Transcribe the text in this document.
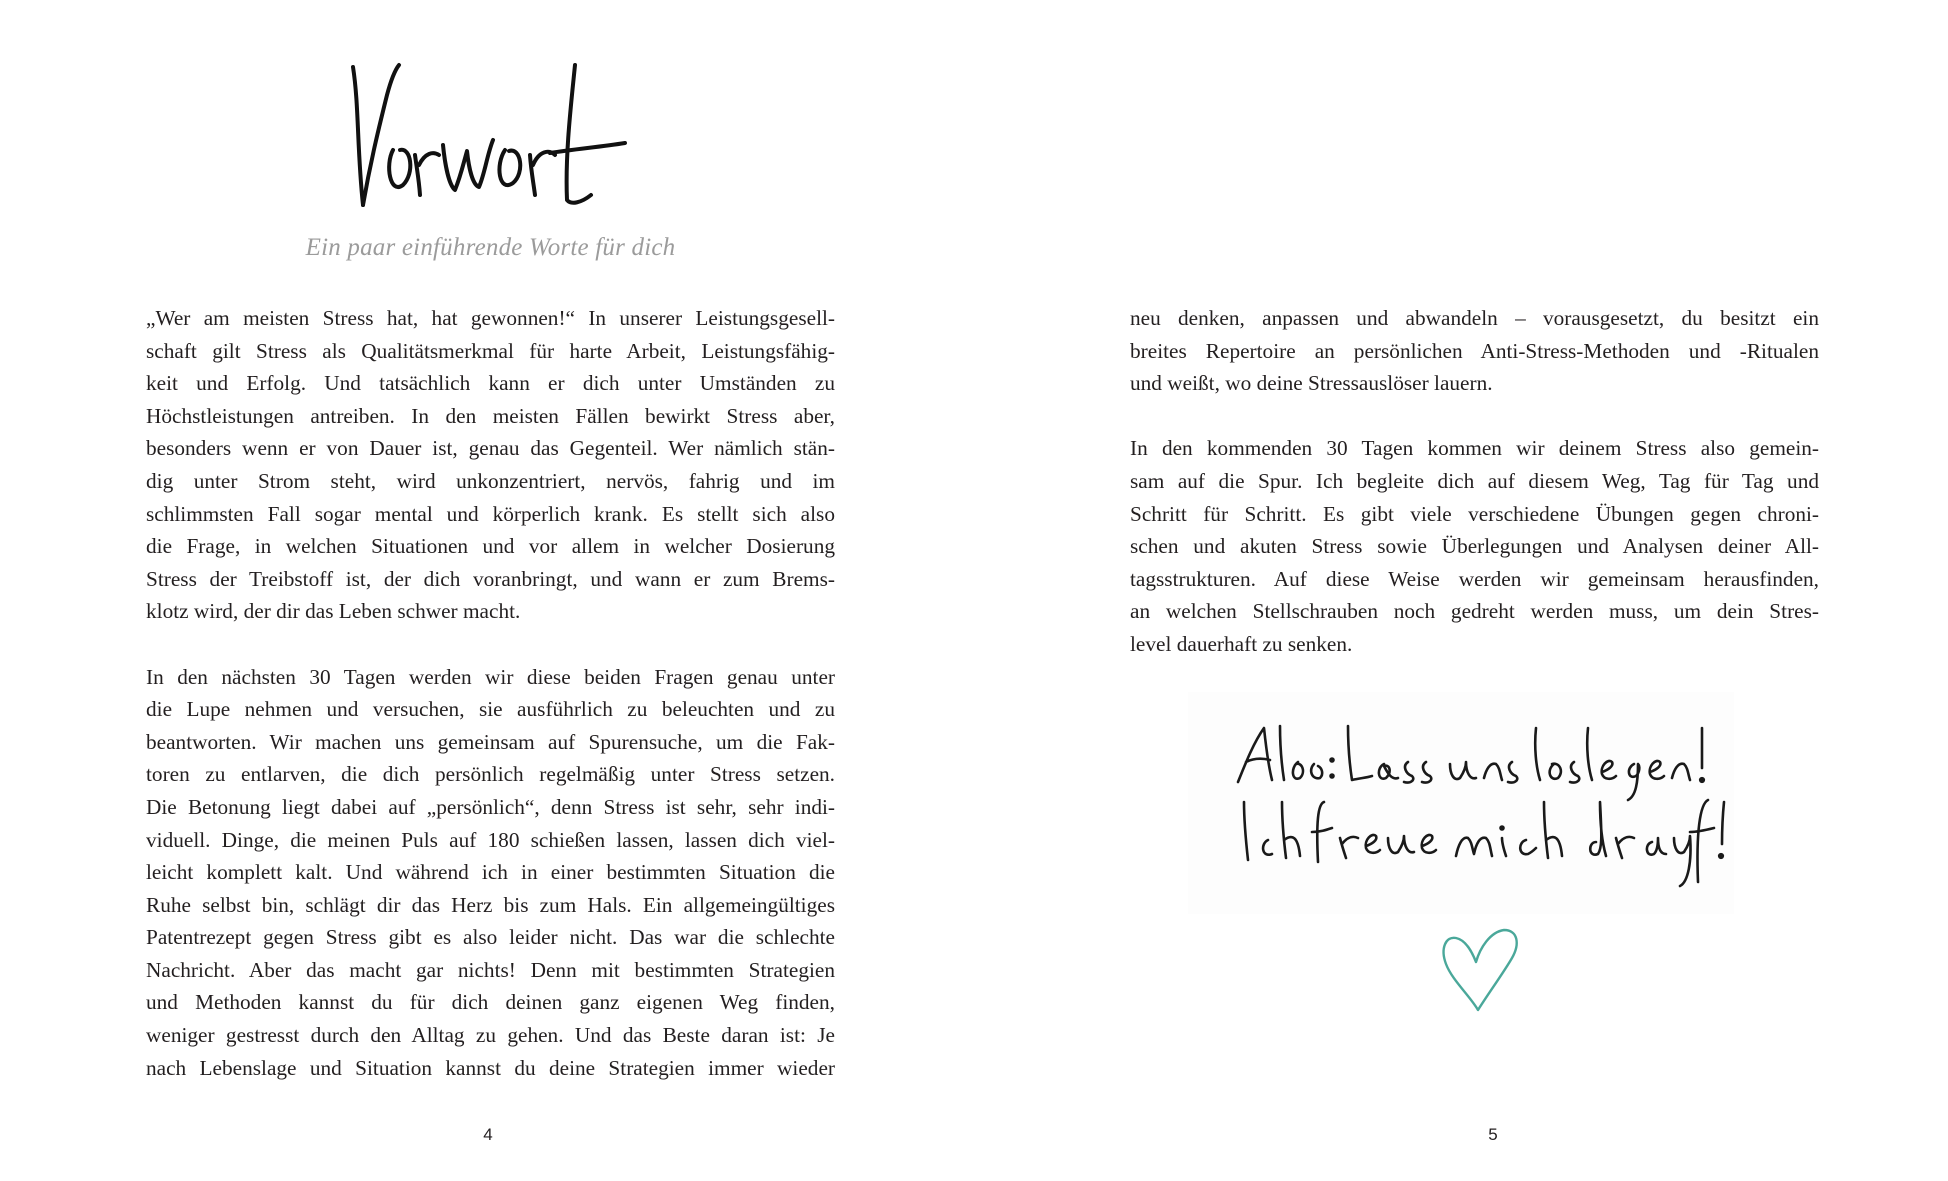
Vorwort
Ein paar einführende Worte für dich
„Wer am meisten Stress hat, hat gewonnen!“ In unserer Leistungsgesell-
schaft gilt Stress als Qualitätsmerkmal für harte Arbeit, Leistungsfähig-
keit und Erfolg. Und tatsächlich kann er dich unter Umständen zu
Höchstleistungen antreiben. In den meisten Fällen bewirkt Stress aber,
besonders wenn er von Dauer ist, genau das Gegenteil. Wer nämlich stän-
dig unter Strom steht, wird unkonzentriert, nervös, fahrig und im
schlimmsten Fall sogar mental und körperlich krank. Es stellt sich also
die Frage, in welchen Situationen und vor allem in welcher Dosierung
Stress der Treibstoff ist, der dich voranbringt, und wann er zum Brems-
klotz wird, der dir das Leben schwer macht.
In den nächsten 30 Tagen werden wir diese beiden Fragen genau unter
die Lupe nehmen und versuchen, sie ausführlich zu beleuchten und zu
beantworten. Wir machen uns gemeinsam auf Spurensuche, um die Fak-
toren zu entlarven, die dich persönlich regelmäßig unter Stress setzen.
Die Betonung liegt dabei auf „persönlich“, denn Stress ist sehr, sehr indi-
viduell. Dinge, die meinen Puls auf 180 schießen lassen, lassen dich viel-
leicht komplett kalt. Und während ich in einer bestimmten Situation die
Ruhe selbst bin, schlägt dir das Herz bis zum Hals. Ein allgemeingültiges
Patentrezept gegen Stress gibt es also leider nicht. Das war die schlechte
Nachricht. Aber das macht gar nichts! Denn mit bestimmten Strategien
und Methoden kannst du für dich deinen ganz eigenen Weg finden,
weniger gestresst durch den Alltag zu gehen. Und das Beste daran ist: Je
nach Lebenslage und Situation kannst du deine Strategien immer wieder
4
neu denken, anpassen und abwandeln – vorausgesetzt, du besitzt ein
breites Repertoire an persönlichen Anti-Stress-Methoden und -Ritualen
und weißt, wo deine Stressauslöser lauern.
In den kommenden 30 Tagen kommen wir deinem Stress also gemein-
sam auf die Spur. Ich begleite dich auf diesem Weg, Tag für Tag und
Schritt für Schritt. Es gibt viele verschiedene Übungen gegen chroni-
schen und akuten Stress sowie Überlegungen und Analysen deiner All-
tagsstrukturen. Auf diese Weise werden wir gemeinsam herausfinden,
an welchen Stellschrauben noch gedreht werden muss, um dein Stres-
level dauerhaft zu senken.
Also: Lass uns loslegen!
Ich freue mich drauf!
5
